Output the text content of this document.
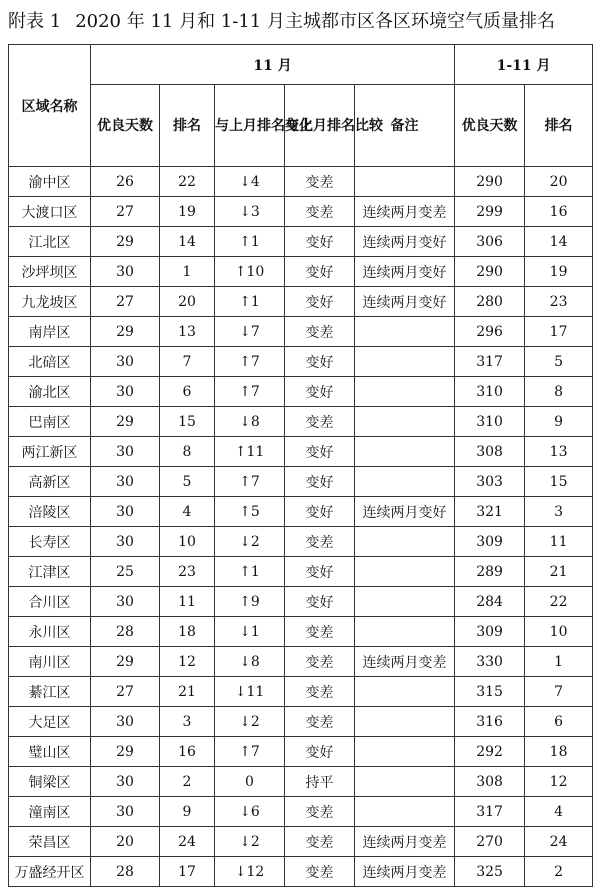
附表 1 2020 年 11 月和 1-11 月主城都市区各区环境空气质量排名
区域名称	11 月					1-11 月	
	优良天数	排名	与上月排名变化	与上月排名比较	备注	优良天数	排名
渝中区	26	22	↓4	变差		290	20
大渡口区	27	19	↓3	变差	连续两月变差	299	16
江北区	29	14	↑1	变好	连续两月变好	306	14
沙坪坝区	30	1	↑10	变好	连续两月变好	290	19
九龙坡区	27	20	↑1	变好	连续两月变好	280	23
南岸区	29	13	↓7	变差		296	17
北碚区	30	7	↑7	变好		317	5
渝北区	30	6	↑7	变好		310	8
巴南区	29	15	↓8	变差		310	9
两江新区	30	8	↑11	变好		308	13
高新区	30	5	↑7	变好		303	15
涪陵区	30	4	↑5	变好	连续两月变好	321	3
长寿区	30	10	↓2	变差		309	11
江津区	25	23	↑1	变好		289	21
合川区	30	11	↑9	变好		284	22
永川区	28	18	↓1	变差		309	10
南川区	29	12	↓8	变差	连续两月变差	330	1
綦江区	27	21	↓11	变差		315	7
大足区	30	3	↓2	变差		316	6
璧山区	29	16	↑7	变好		292	18
铜梁区	30	2	0	持平		308	12
潼南区	30	9	↓6	变差		317	4
荣昌区	20	24	↓2	变差	连续两月变差	270	24
万盛经开区	28	17	↓12	变差	连续两月变差	325	2
